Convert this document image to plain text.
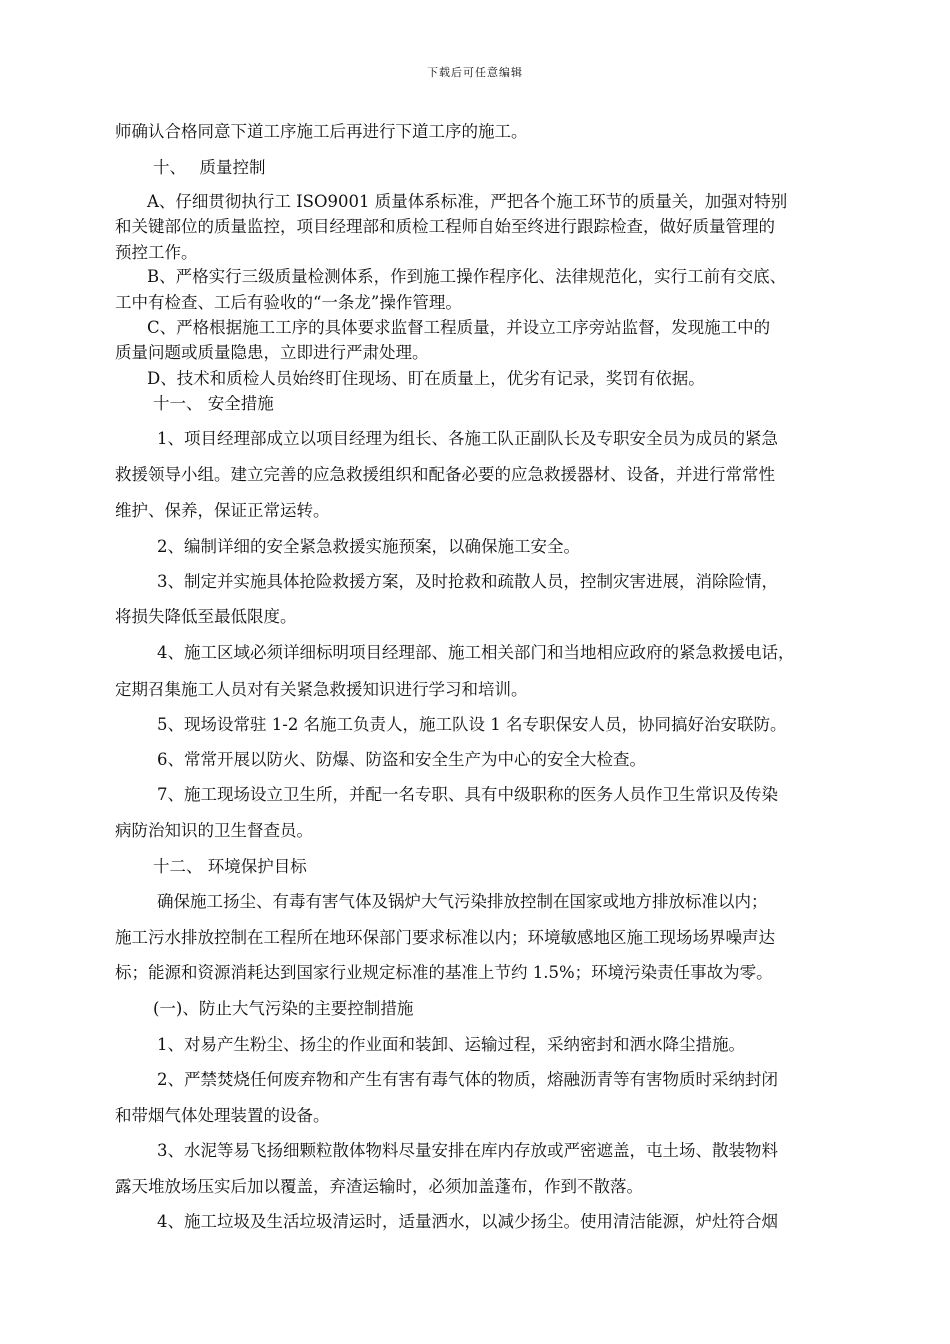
下载后可任意编辑
师确认合格同意下道工序施工后再进行下道工序的施工。
十、　 质量控制
A、仔细贯彻执行工 ISO9001 质量体系标准，严把各个施工环节的质量关，加强对特别
和关键部位的质量监控，项目经理部和质检工程师自始至终进行跟踪检查，做好质量管理的
预控工作。
B、严格实行三级质量检测体系，作到施工操作程序化、法律规范化，实行工前有交底、
工中有检查、工后有验收的“一条龙”操作管理。
C、严格根据施工工序的具体要求监督工程质量，并设立工序旁站监督，发现施工中的
质量问题或质量隐患，立即进行严肃处理。
D、技术和质检人员始终盯住现场、盯在质量上，优劣有记录，奖罚有依据。
十一、 安全措施
1、项目经理部成立以项目经理为组长、各施工队正副队长及专职安全员为成员的紧急
救援领导小组。建立完善的应急救援组织和配备必要的应急救援器材、设备，并进行常常性
维护、保养，保证正常运转。
2、编制详细的安全紧急救援实施预案，以确保施工安全。
3、制定并实施具体抢险救援方案，及时抢救和疏散人员，控制灾害进展，消除险情，
将损失降低至最低限度。
4、施工区域必须详细标明项目经理部、施工相关部门和当地相应政府的紧急救援电话，
定期召集施工人员对有关紧急救援知识进行学习和培训。
5、现场设常驻 1-2 名施工负责人，施工队设 1 名专职保安人员，协同搞好治安联防。
6、常常开展以防火、防爆、防盗和安全生产为中心的安全大检查。
7、施工现场设立卫生所，并配一名专职、具有中级职称的医务人员作卫生常识及传染
病防治知识的卫生督查员。
十二、 环境保护目标
确保施工扬尘、有毒有害气体及锅炉大气污染排放控制在国家或地方排放标准以内；
施工污水排放控制在工程所在地环保部门要求标准以内；环境敏感地区施工现场场界噪声达
标；能源和资源消耗达到国家行业规定标准的基准上节约 1.5%；环境污染责任事故为零。
(一)、防止大气污染的主要控制措施
1、对易产生粉尘、扬尘的作业面和装卸、运输过程，采纳密封和洒水降尘措施。
2、严禁焚烧任何废弃物和产生有害有毒气体的物质，熔融沥青等有害物质时采纳封闭
和带烟气体处理装置的设备。
3、水泥等易飞扬细颗粒散体物料尽量安排在库内存放或严密遮盖，屯土场、散装物料
露天堆放场压实后加以覆盖，弃渣运输时，必须加盖蓬布，作到不散落。
4、施工垃圾及生活垃圾清运时，适量洒水，以减少扬尘。使用清洁能源，炉灶符合烟
